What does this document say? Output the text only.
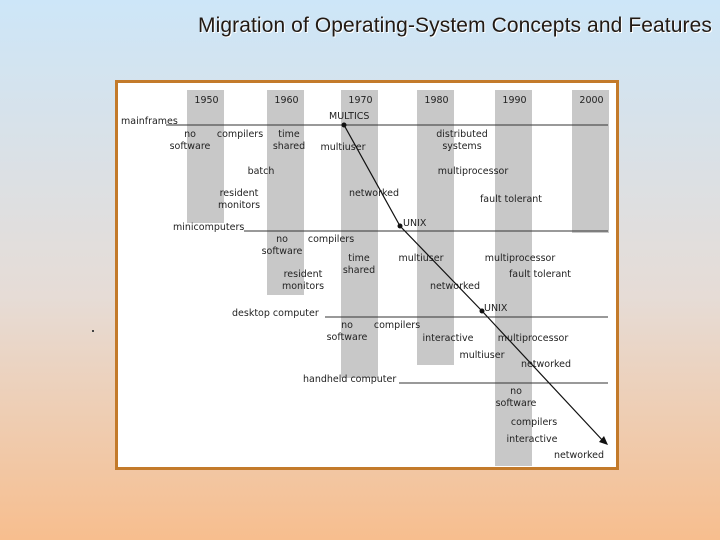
Migration of Operating-System Concepts and Features
1950	1960	1970	1980	1990	2000
mainframes
minicomputers
desktop computer
handheld computer
no
software
compilers time
shared multiuser
distributed
systems
batch	multiprocessor
resident
monitors
networked
fault tolerant
no
software
compilers
time
shared
multiuser	multiprocessor
fault tolerant
resident
monitors	networked
no
software
compilers
interactive	multiprocessor
multiuser
networked
no
software
compilers
interactive
networked
MULTICS
UNIX
UNIX
